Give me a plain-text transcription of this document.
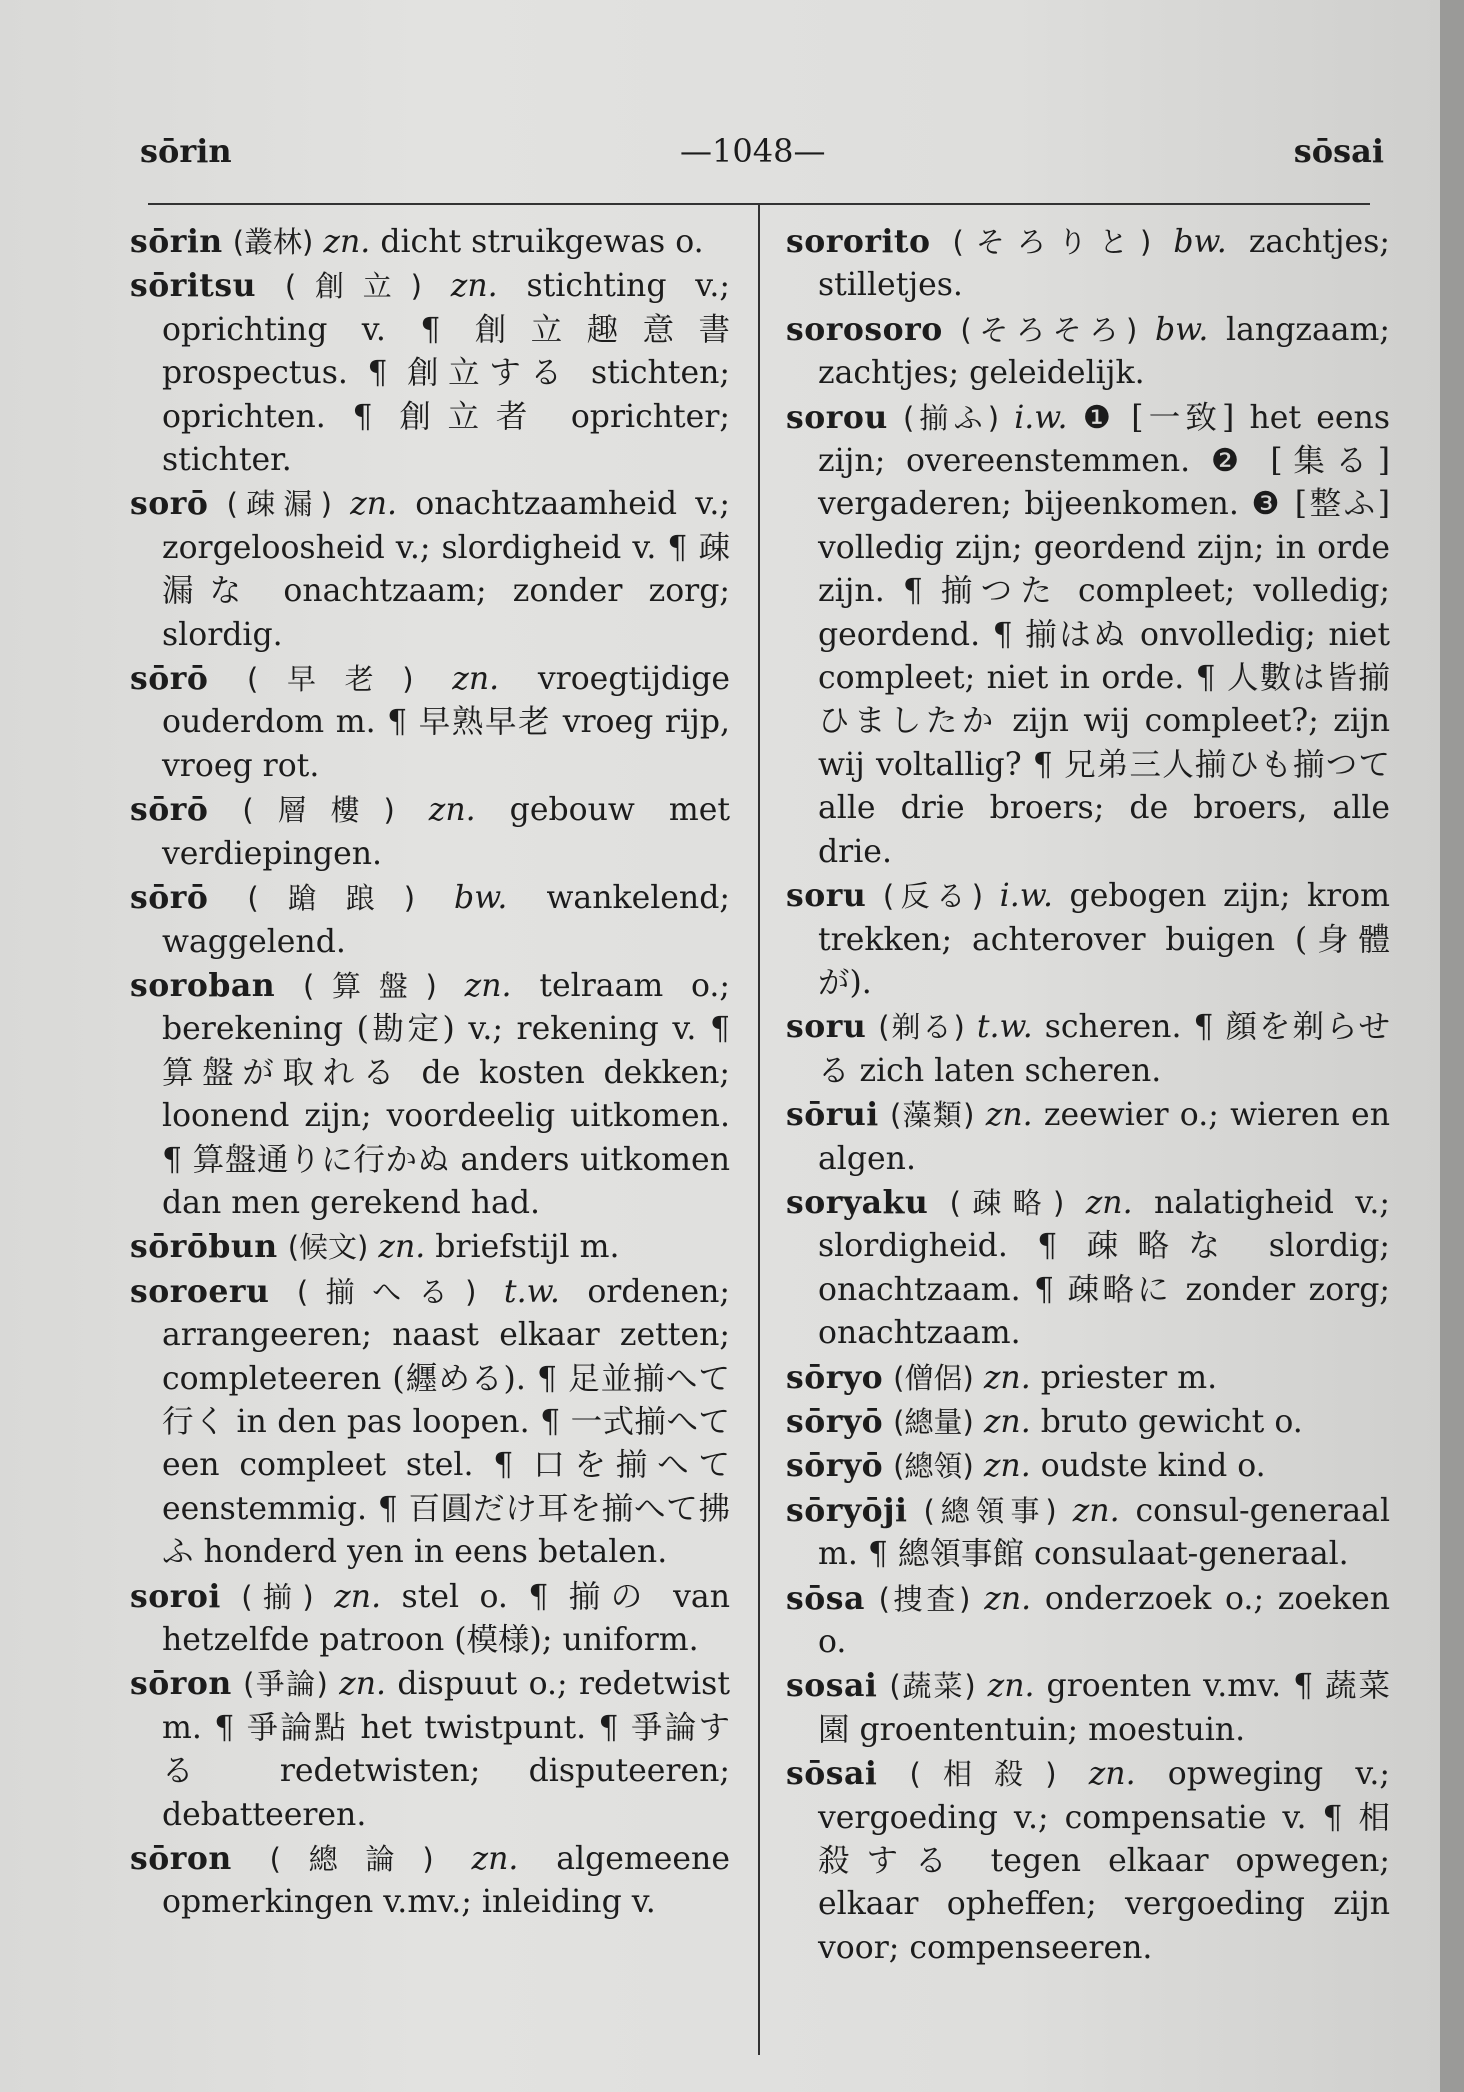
sōrin	—1048—	sōsai

sōrin (叢林) zn. dicht struikgewas o.

sōritsu (創立) zn. stichting v.; oprichting v. ¶ 創立趣意書 prospectus. ¶ 創立する stichten; oprichten. ¶ 創立者 oprichter; stichter.

sorō (疎漏) zn. onachtzaamheid v.; zorgeloosheid v.; slordigheid v. ¶ 疎漏な onachtzaam; zonder zorg; slordig.

sōrō (早老) zn. vroegtijdige ouderdom m. ¶ 早熟早老 vroeg rijp, vroeg rot.

sōrō (層樓) zn. gebouw met verdiepingen.

sōrō (蹌踉) bw. wankelend; waggelend.

soroban (算盤) zn. telraam o.; berekening (勘定) v.; rekening v. ¶ 算盤が取れる de kosten dekken; loonend zijn; voordeelig uitkomen. ¶ 算盤通りに行かぬ anders uitkomen dan men gerekend had.

sōrōbun (候文) zn. briefstijl m.

soroeru (揃へる) t.w. ordenen; arrangeeren; naast elkaar zetten; completeeren (纒める). ¶ 足並揃へて行く in den pas loopen. ¶ 一式揃へて een compleet stel. ¶ 口を揃へて eenstemmig. ¶ 百圓だけ耳を揃へて拂ふ honderd yen in eens betalen.

soroi (揃) zn. stel o. ¶ 揃の van hetzelfde patroon (模様); uniform.

sōron (爭論) zn. dispuut o.; redetwist m. ¶ 爭論點 het twistpunt. ¶ 爭論する redetwisten; disputeeren; debatteeren.

sōron (總論) zn. algemeene opmerkingen v.mv.; inleiding v.

sororito (そろりと) bw. zachtjes; stilletjes.

sorosoro (そろそろ) bw. langzaam; zachtjes; geleidelijk.

sorou (揃ふ) i.w. ❶ [一致] het eens zijn; overeenstemmen. ❷ [集る] vergaderen; bijeenkomen. ❸ [整ふ] volledig zijn; geordend zijn; in orde zijn. ¶ 揃つた compleet; volledig; geordend. ¶ 揃はぬ onvolledig; niet compleet; niet in orde. ¶ 人數は皆揃ひましたか zijn wij compleet?; zijn wij voltallig? ¶ 兄弟三人揃ひも揃つて alle drie broers; de broers, alle drie.

soru (反る) i.w. gebogen zijn; krom trekken; achterover buigen (身體が).

soru (剃る) t.w. scheren. ¶ 顔を剃らせる zich laten scheren.

sōrui (藻類) zn. zeewier o.; wieren en algen.

soryaku (疎略) zn. nalatigheid v.; slordigheid. ¶ 疎略な slordig; onachtzaam. ¶ 疎略に zonder zorg; onachtzaam.

sōryo (僧侶) zn. priester m.

sōryō (總量) zn. bruto gewicht o.

sōryō (總領) zn. oudste kind o.

sōryōji (總領事) zn. consul-generaal m. ¶ 總領事館 consulaat-generaal.

sōsa (捜査) zn. onderzoek o.; zoeken o.

sosai (蔬菜) zn. groenten v.mv. ¶ 蔬菜園 groententuin; moestuin.

sōsai (相殺) zn. opweging v.; vergoeding v.; compensatie v. ¶ 相殺する tegen elkaar opwegen; elkaar opheffen; vergoeding zijn voor; compenseeren.
